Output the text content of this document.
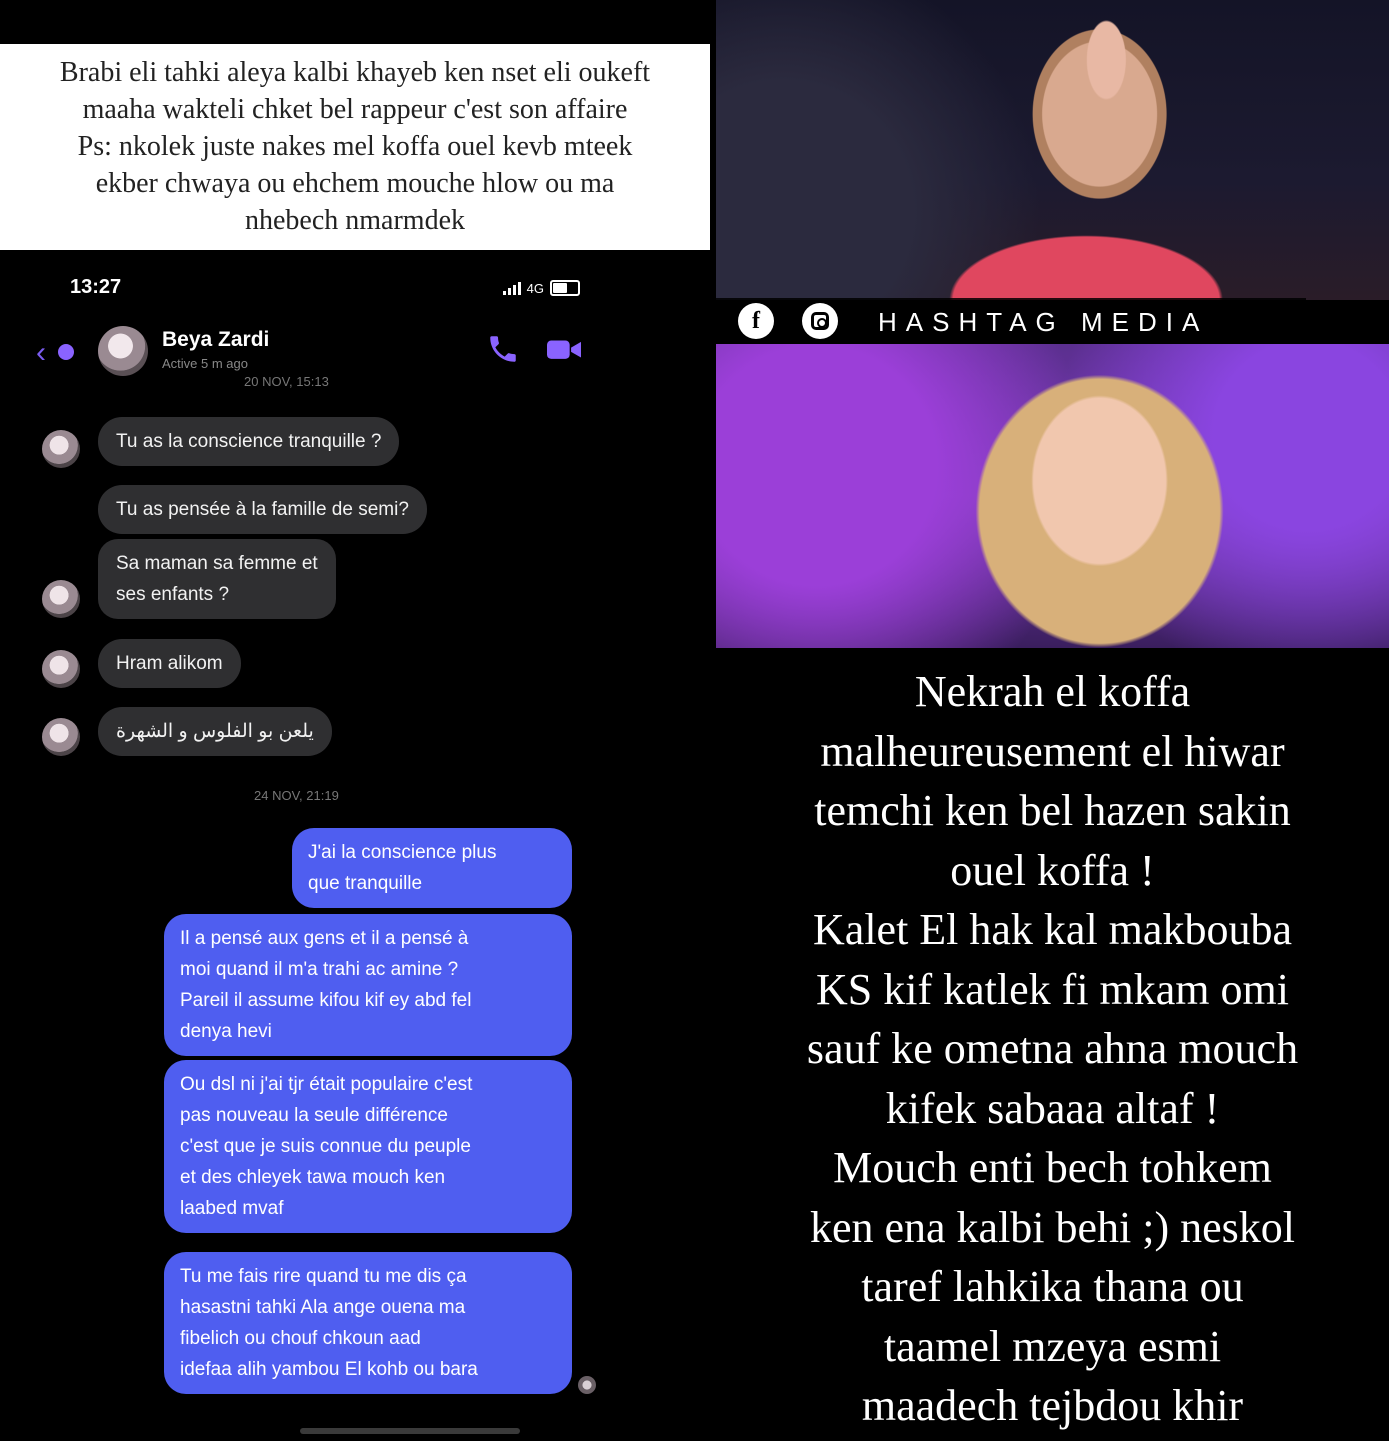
Brabi eli tahki aleya kalbi khayeb ken nset eli oukeft
maaha wakteli chket bel rappeur c'est son affaire
Ps: nkolek juste nakes mel koffa ouel kevb mteek
ekber chwaya ou ehchem mouche hlow ou ma
nhebech nmarmdek
13:27	4G
‹	Beya Zardi
Active 5 m ago
20 NOV, 15:13
Tu as la conscience tranquille ?
Tu as pensée à la famille de semi?
Sa maman sa femme et
ses enfants ?
Hram alikom
يلعن بو الفلوس و الشهرة
24 NOV, 21:19
J'ai la conscience plus
que tranquille
Il a pensé aux gens et il a pensé à
moi quand il m'a trahi ac amine ?
Pareil il assume kifou kif ey abd fel
denya hevi
Ou dsl ni j'ai tjr était populaire c'est
pas nouveau la seule différence
c'est que je suis connue du peuple
et des chleyek tawa mouch ken
laabed mvaf
Tu me fais rire quand tu me dis ça
hasastni tahki Ala ange ouena ma
fibelich ou chouf chkoun aad
idefaa alih yambou El kohb ou bara
f	HASHTAG MEDIA
Nekrah el koffa
malheureusement el hiwar
temchi ken bel hazen sakin
ouel koffa !
Kalet El hak kal makbouba
KS kif katlek fi mkam omi
sauf ke ometna ahna mouch
kifek sabaaa altaf !
Mouch enti bech tohkem
ken ena kalbi behi ;) neskol
taref lahkika thana ou
taamel mzeya esmi
maadech tejbdou khir
